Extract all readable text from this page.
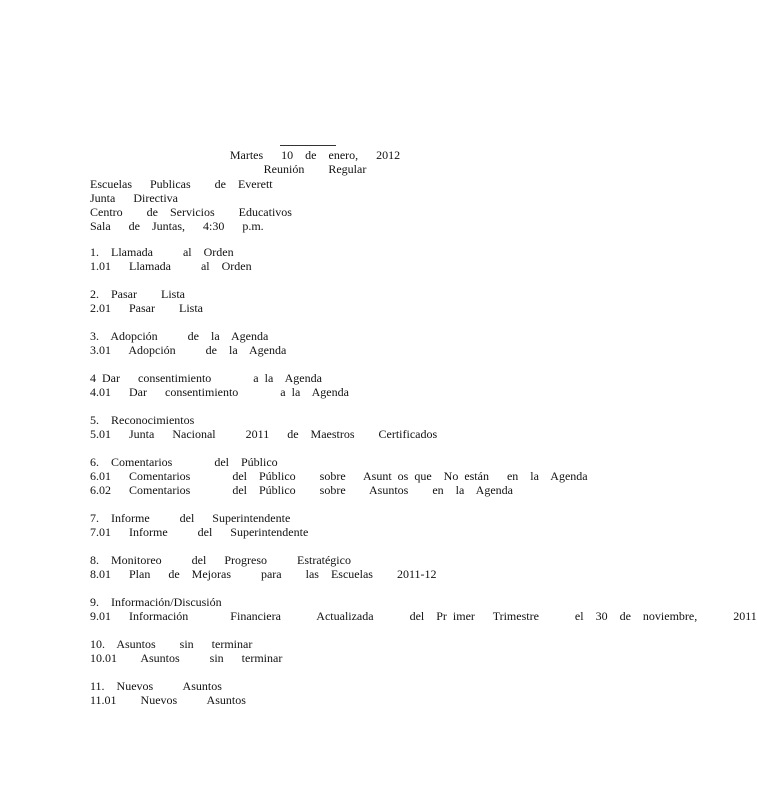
Martes   10  de  enero,   2012
Reunión    Regular
Escuelas   Publicas    de  Everett
Junta   Directiva
Centro    de  Servicios    Educativos
Sala   de  Juntas,   4:30   p.m.
1.  Llamada     al  Orden
1.01   Llamada     al  Orden
2.  Pasar    Lista
2.01   Pasar    Lista
3.  Adopción     de  la  Agenda
3.01   Adopción     de  la  Agenda
4 Dar   consentimiento       a la  Agenda
4.01   Dar   consentimiento       a la  Agenda
5.  Reconocimientos
5.01   Junta   Nacional     2011   de  Maestros    Certificados
6.  Comentarios       del  Público
6.01   Comentarios       del  Público    sobre   Asunt os que  No están   en  la  Agenda
6.02   Comentarios       del  Público    sobre    Asuntos    en  la  Agenda
7.  Informe     del   Superintendente
7.01   Informe     del   Superintendente
8.  Monitoreo     del   Progreso     Estratégico
8.01   Plan   de  Mejoras     para    las  Escuelas    2011-12
9.  Información/Discusión
9.01   Información       Financiera      Actualizada      del  Pr imer   Trimestre      el  30  de  noviembre,      2011
10.  Asuntos    sin   terminar
10.01    Asuntos     sin   terminar
11.  Nuevos     Asuntos
11.01    Nuevos     Asuntos
